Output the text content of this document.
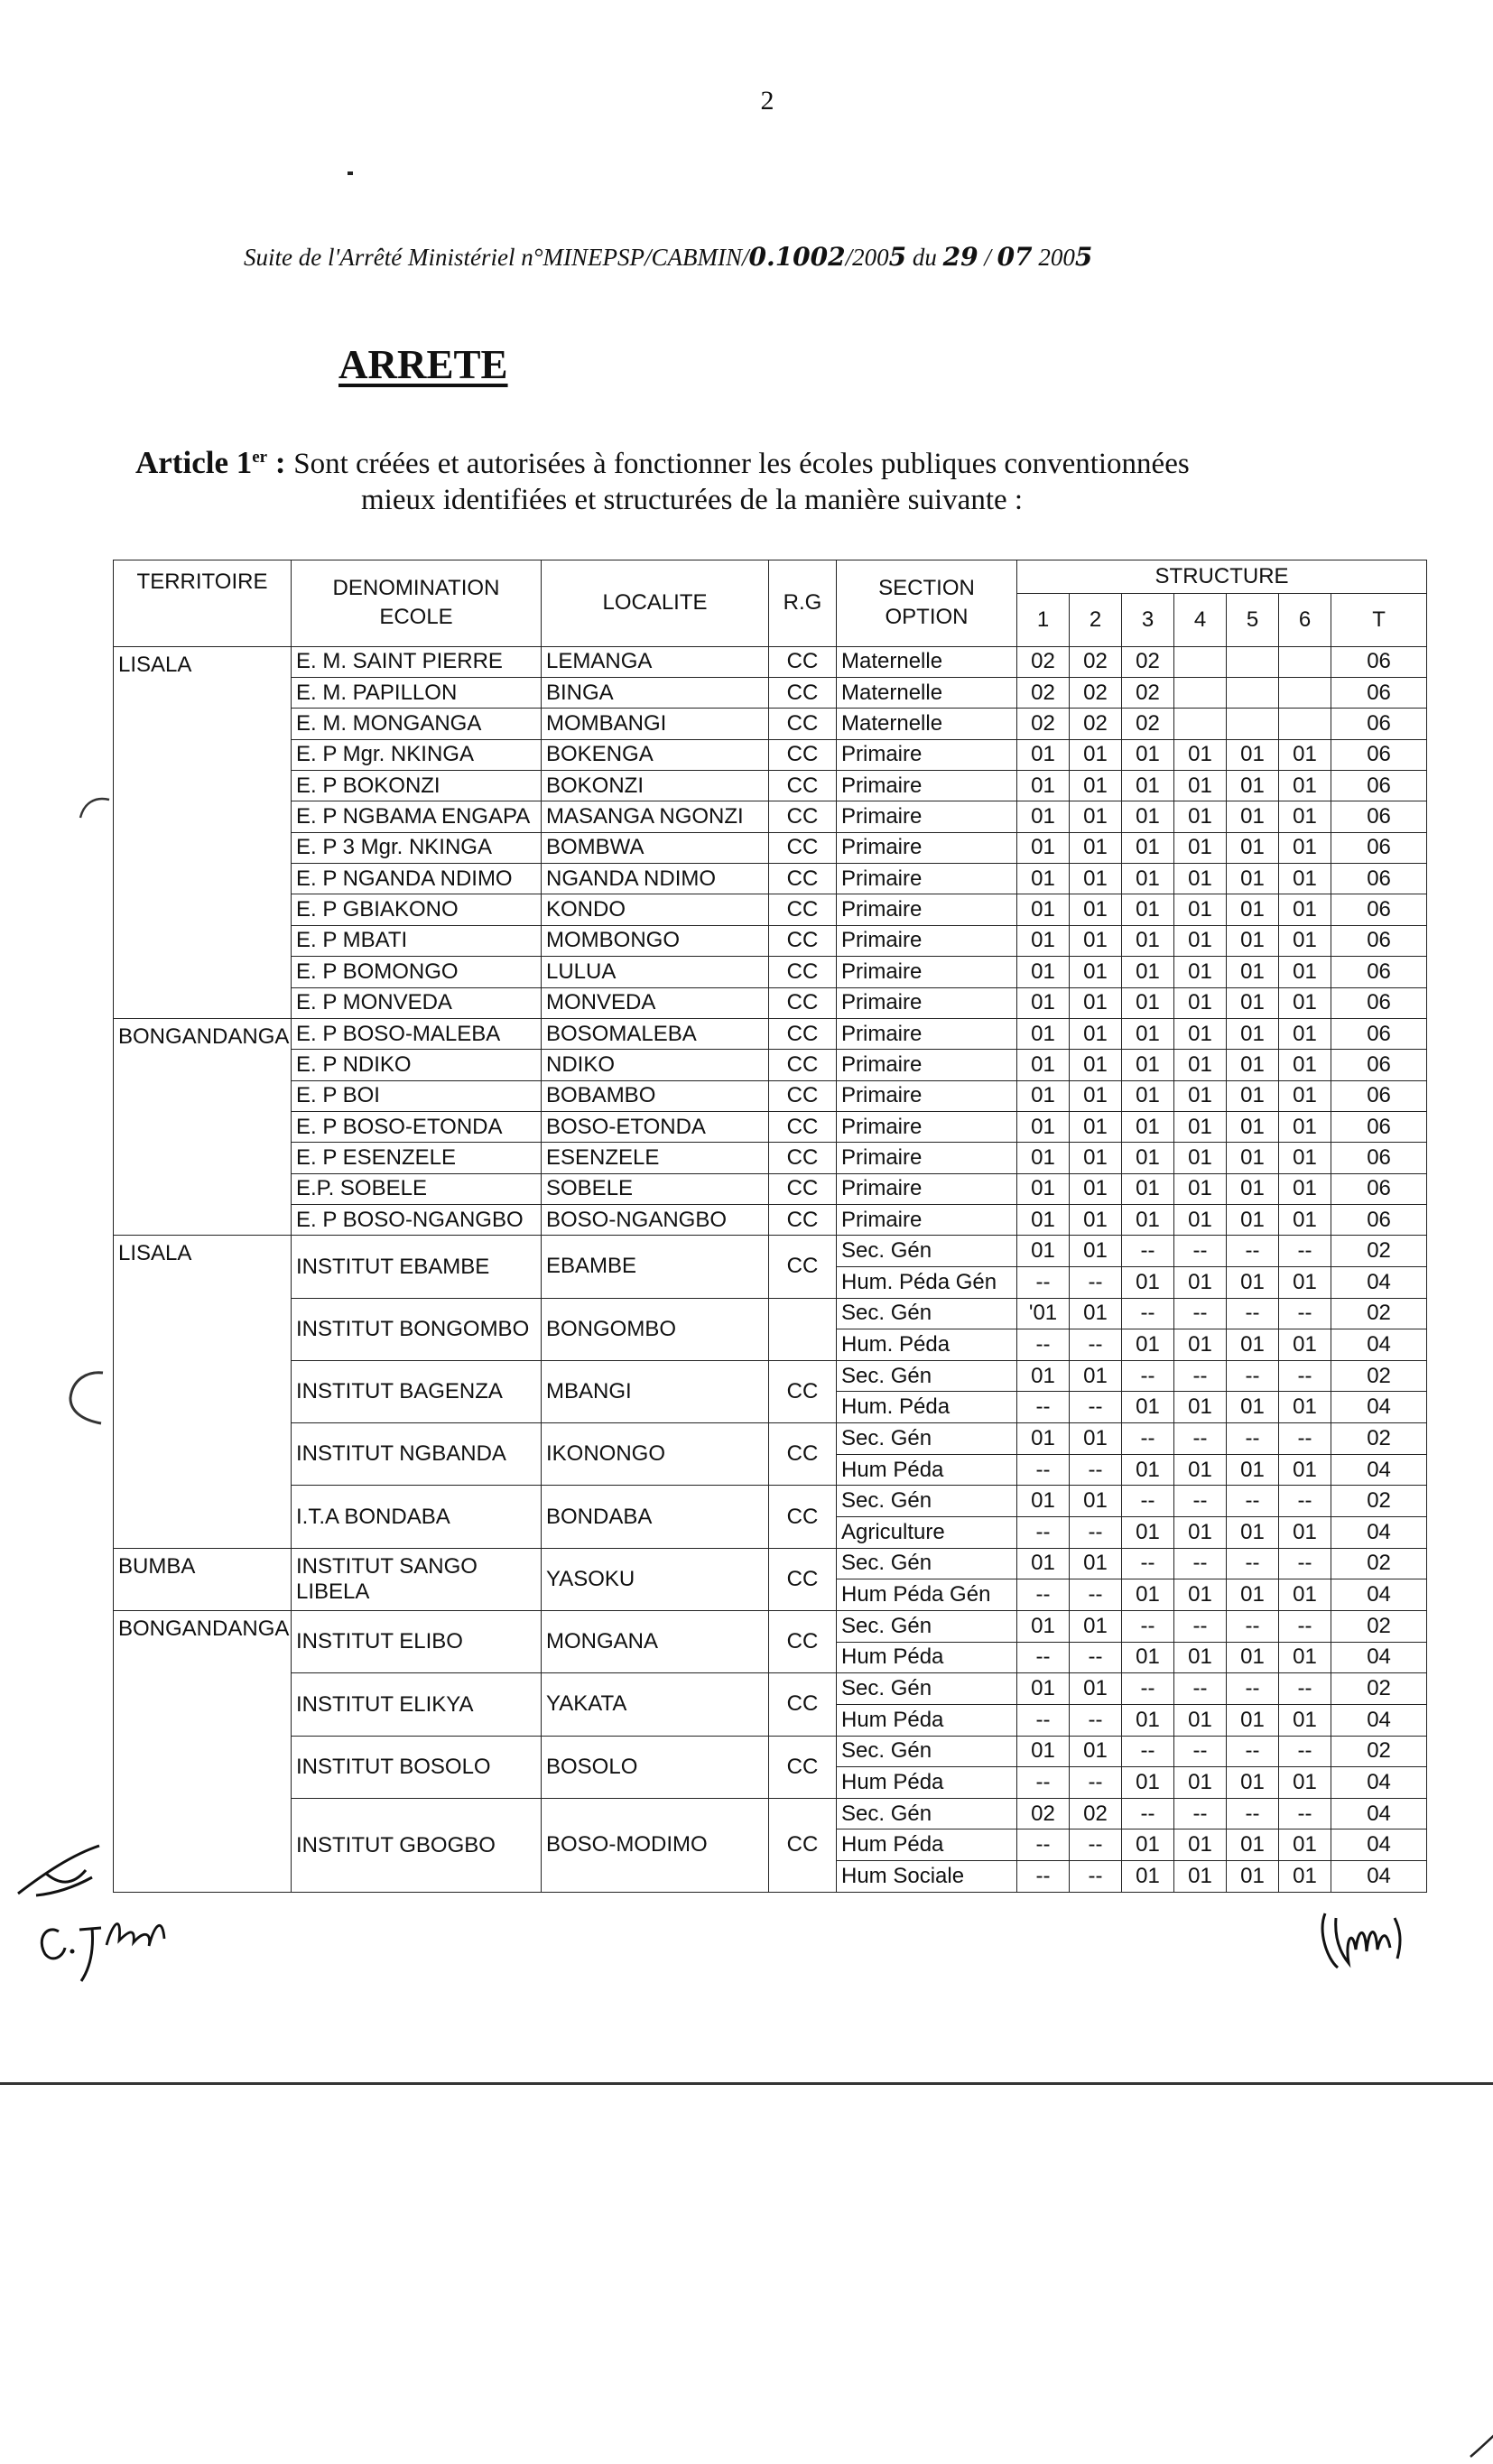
2
Suite de l'Arrêté Ministériel n°MINEPSP/CABMIN/0.1002/2005 du 29 / 07 2005
ARRETE
Article 1er : Sont créées et autorisées à fonctionner les écoles publiques conventionnées
mieux identifiées et structurées de la manière suivante :
TERRITOIRE	DENOMINATION ECOLE	LOCALITE	R.G	SECTION OPTION	STRUCTURE						
					1	2	3	4	5	6	T
LISALA	E. M. SAINT PIERRE	LEMANGA	CC	Maternelle	02	02	02				06
	E. M. PAPILLON	BINGA	CC	Maternelle	02	02	02				06
	E. M. MONGANGA	MOMBANGI	CC	Maternelle	02	02	02				06
	E. P Mgr. NKINGA	BOKENGA	CC	Primaire	01	01	01	01	01	01	06
	E. P BOKONZI	BOKONZI	CC	Primaire	01	01	01	01	01	01	06
	E. P NGBAMA ENGAPA	MASANGA NGONZI	CC	Primaire	01	01	01	01	01	01	06
	E. P 3 Mgr. NKINGA	BOMBWA	CC	Primaire	01	01	01	01	01	01	06
	E. P NGANDA NDIMO	NGANDA NDIMO	CC	Primaire	01	01	01	01	01	01	06
	E. P GBIAKONO	KONDO	CC	Primaire	01	01	01	01	01	01	06
	E. P MBATI	MOMBONGO	CC	Primaire	01	01	01	01	01	01	06
	E. P BOMONGO	LULUA	CC	Primaire	01	01	01	01	01	01	06
	E. P MONVEDA	MONVEDA	CC	Primaire	01	01	01	01	01	01	06
BONGANDANGA	E. P BOSO-MALEBA	BOSOMALEBA	CC	Primaire	01	01	01	01	01	01	06
	E. P NDIKO	NDIKO	CC	Primaire	01	01	01	01	01	01	06
	E. P BOI	BOBAMBO	CC	Primaire	01	01	01	01	01	01	06
	E. P BOSO-ETONDA	BOSO-ETONDA	CC	Primaire	01	01	01	01	01	01	06
	E. P ESENZELE	ESENZELE	CC	Primaire	01	01	01	01	01	01	06
	E.P. SOBELE	SOBELE	CC	Primaire	01	01	01	01	01	01	06
	E. P BOSO-NGANGBO	BOSO-NGANGBO	CC	Primaire	01	01	01	01	01	01	06
LISALA	INSTITUT EBAMBE	EBAMBE	CC	Sec. Gén	01	01	--	--	--	--	02
				Hum. Péda Gén	--	--	01	01	01	01	04
	INSTITUT BONGOMBO	BONGOMBO		Sec. Gén	'01	01	--	--	--	--	02
				Hum. Péda	--	--	01	01	01	01	04
	INSTITUT BAGENZA	MBANGI	CC	Sec. Gén	01	01	--	--	--	--	02
				Hum. Péda	--	--	01	01	01	01	04
	INSTITUT NGBANDA	IKONONGO	CC	Sec. Gén	01	01	--	--	--	--	02
				Hum Péda	--	--	01	01	01	01	04
	I.T.A BONDABA	BONDABA	CC	Sec. Gén	01	01	--	--	--	--	02
				Agriculture	--	--	01	01	01	01	04
BUMBA	INSTITUT SANGO LIBELA	YASOKU	CC	Sec. Gén	01	01	--	--	--	--	02
				Hum Péda Gén	--	--	01	01	01	01	04
BONGANDANGA	INSTITUT ELIBO	MONGANA	CC	Sec. Gén	01	01	--	--	--	--	02
				Hum Péda	--	--	01	01	01	01	04
	INSTITUT ELIKYA	YAKATA	CC	Sec. Gén	01	01	--	--	--	--	02
				Hum Péda	--	--	01	01	01	01	04
	INSTITUT BOSOLO	BOSOLO	CC	Sec. Gén	01	01	--	--	--	--	02
				Hum Péda	--	--	01	01	01	01	04
	INSTITUT GBOGBO	BOSO-MODIMO	CC	Sec. Gén	02	02	--	--	--	--	04
				Hum Péda	--	--	01	01	01	01	04
				Hum Sociale	--	--	01	01	01	01	04
